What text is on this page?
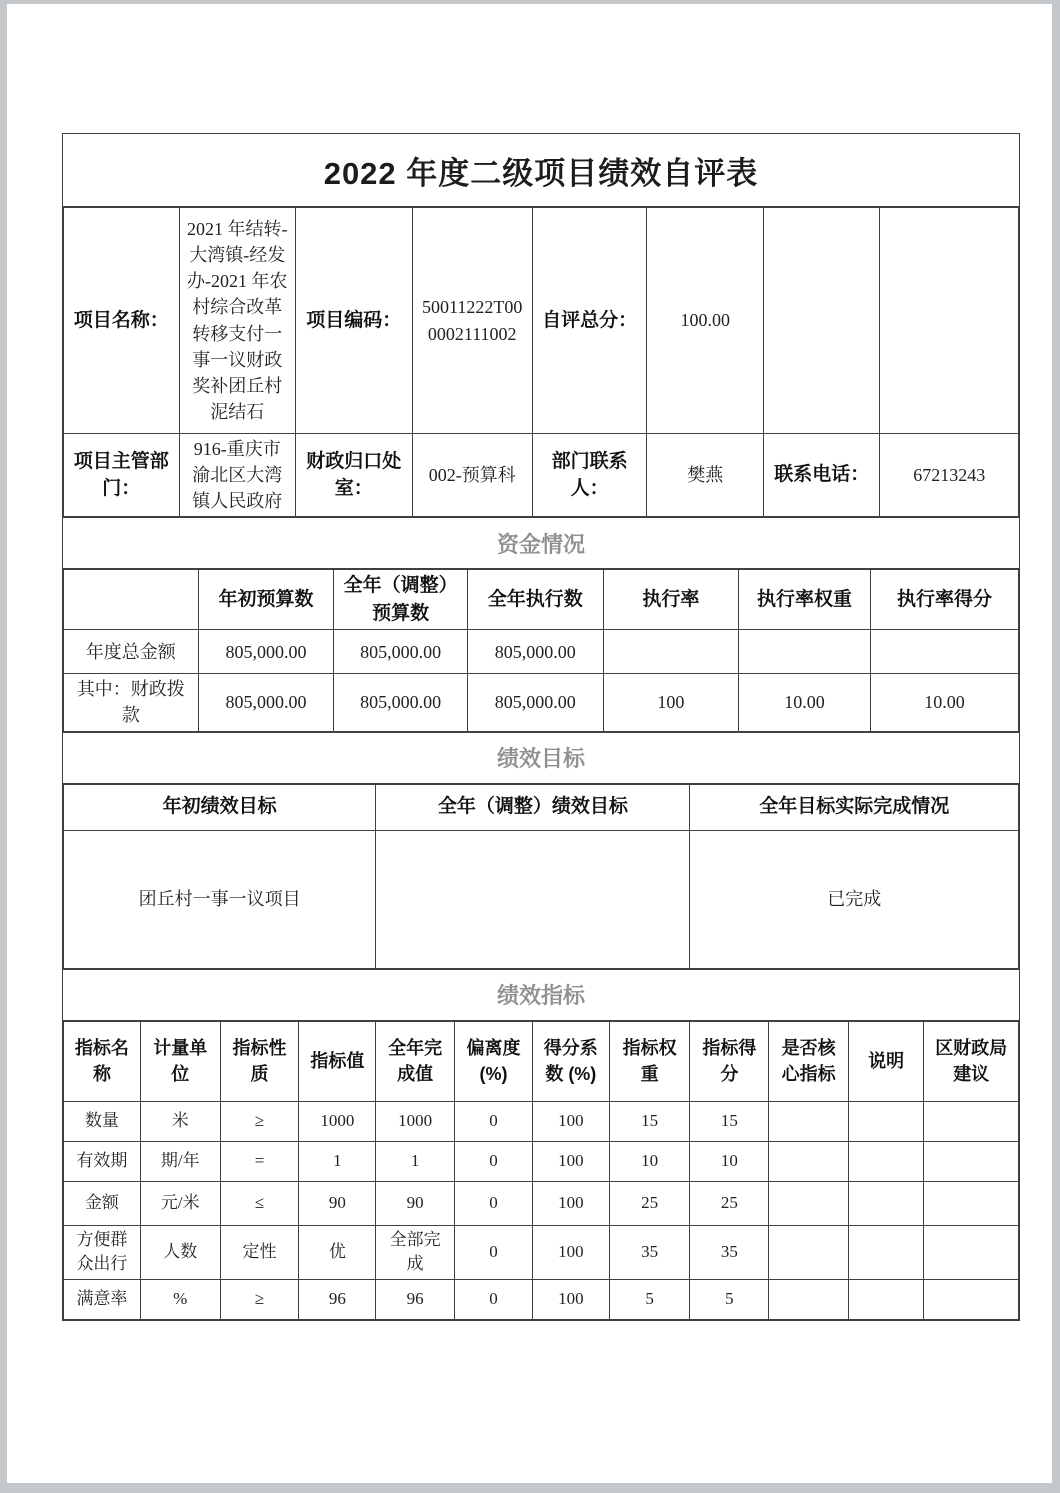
2022 年度二级项目绩效自评表
项目名称：	2021 年结转-大湾镇-经发办-2021 年农村综合改革转移支付一事一议财政奖补团丘村泥结石	项目编码：	50011222T000002111002	自评总分：	100.00		
项目主管部门：	916-重庆市渝北区大湾镇人民政府	财政归口处室：	002-预算科	部门联系人：	樊燕	联系电话：	67213243
资金情况
	年初预算数	全年（调整）预算数	全年执行数	执行率	执行率权重	执行率得分
年度总金额	805,000.00	805,000.00	805,000.00			
其中：财政拨款	805,000.00	805,000.00	805,000.00	100	10.00	10.00
绩效目标
年初绩效目标	全年（调整）绩效目标	全年目标实际完成情况
团丘村一事一议项目		已完成
绩效指标
指标名称	计量单位	指标性质	指标值	全年完成值	偏离度 (%)	得分系数 (%)	指标权重	指标得分	是否核心指标	说明	区财政局建议
数量	米	≥	1000	1000	0	100	15	15			
有效期	期/年	=	1	1	0	100	10	10			
金额	元/米	≤	90	90	0	100	25	25			
方便群众出行	人数	定性	优	全部完成	0	100	35	35			
满意率	%	≥	96	96	0	100	5	5			
